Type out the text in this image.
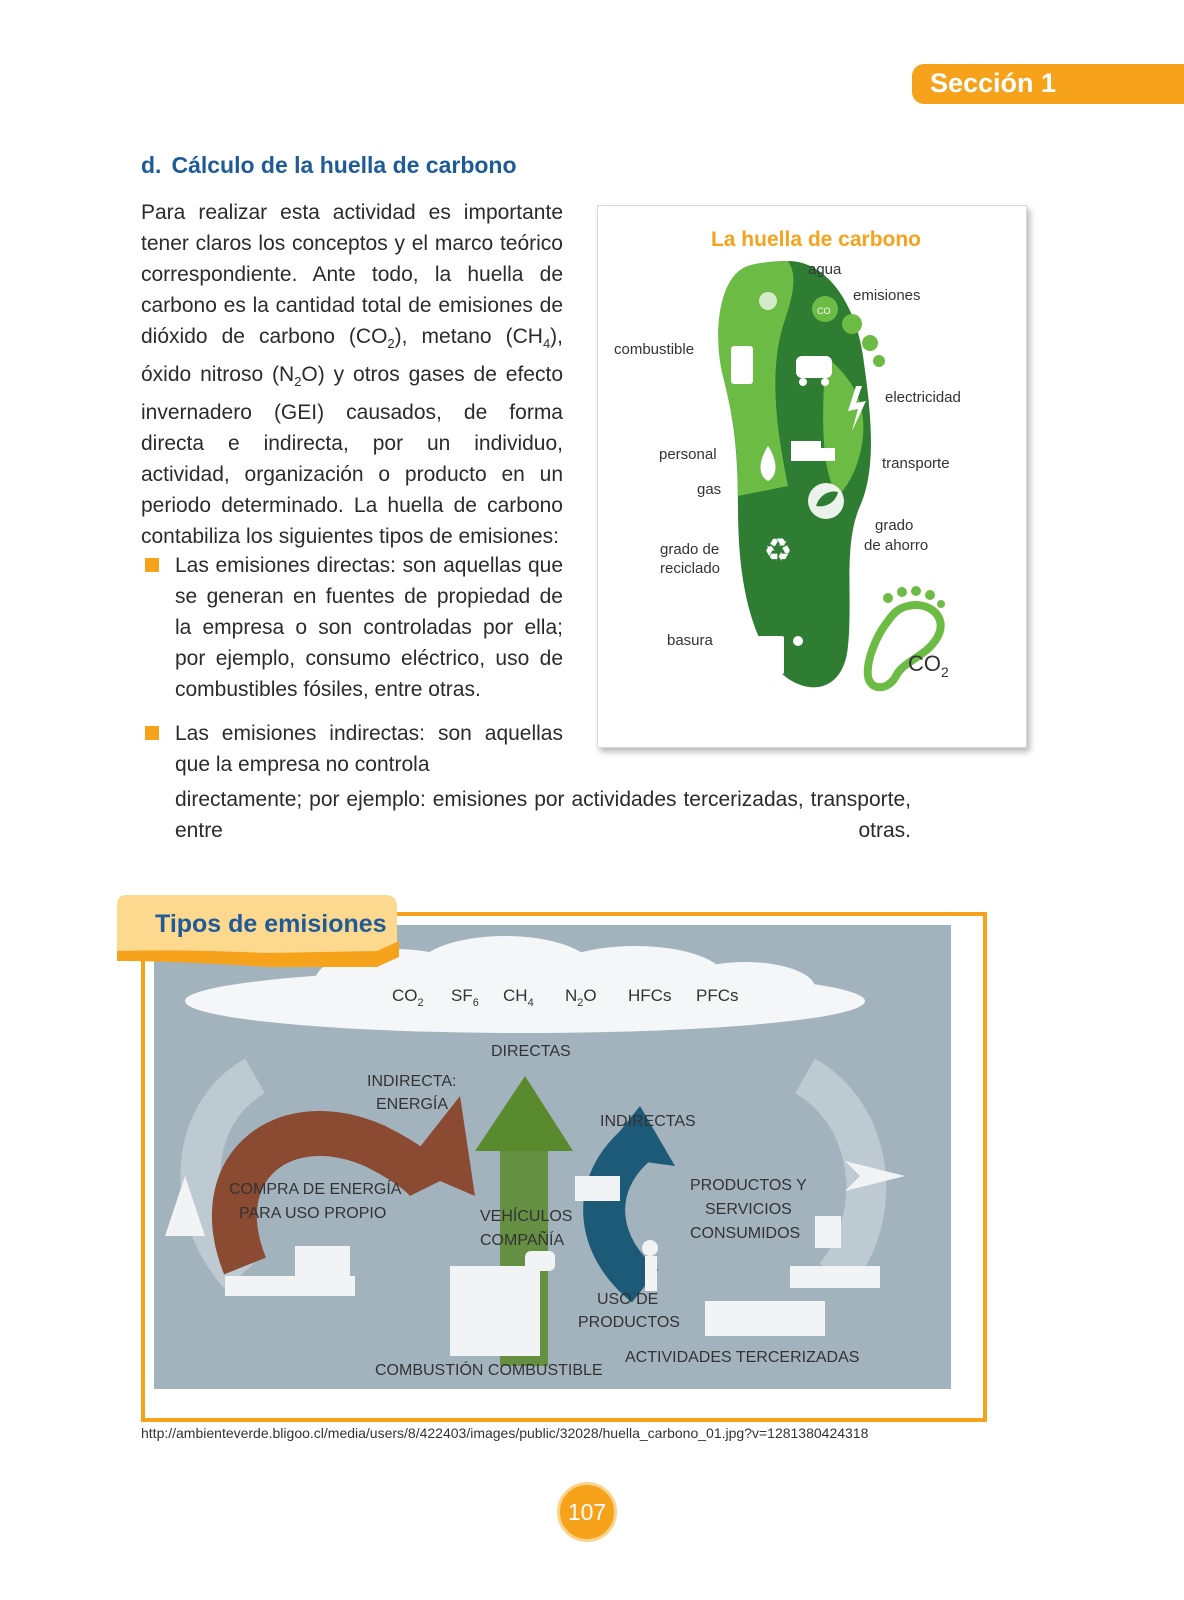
Sección 1
d. Cálculo de la huella de carbono
Para realizar esta actividad es importante tener claros los conceptos y el marco teórico correspondiente. Ante todo, la huella de carbono es la cantidad total de emisiones de dióxido de carbono $(CO_2)$, metano $(CH_4)$, óxido nitroso $(N_2O)$ y otros gases de efecto invernadero (GEI) causados, de forma directa e indirecta, por un individuo, actividad, organización o producto en un periodo determinado. La huella de carbono contabiliza los siguientes tipos de emisiones:
Las emisiones directas: son aquellas que se generan en fuentes de propiedad de la empresa o son controladas por ella; por ejemplo, consumo eléctrico, uso de combustibles fósiles, entre otras.
Las emisiones indirectas: son aquellas que la empresa no controla
directamente; por ejemplo: emisiones por actividades tercerizadas, transporte, entre otras.
La huella de carbono
CO
♻
$CO_2$
agua
emisiones
combustible
electricidad
personal
transporte
gas
grado
de ahorro
grado de
reciclado
basura
$CO_2$ $SF_6$ $CH_4$ $N_2O$ HFCs PFCs
DIRECTAS
INDIRECTA:
ENERGÍA
INDIRECTAS
COMPRA DE ENERGÍA
PARA USO PROPIO
PRODUCTOS Y
SERVICIOS
CONSUMIDOS
VEHÍCULOS
COMPAÑÍA
USO DE
PRODUCTOS
ACTIVIDADES TERCERIZADAS
COMBUSTIÓN COMBUSTIBLE
Tipos de emisiones
http://ambienteverde.bligoo.cl/media/users/8/422403/images/public/32028/huella_carbono_01.jpg?v=1281380424318
107
